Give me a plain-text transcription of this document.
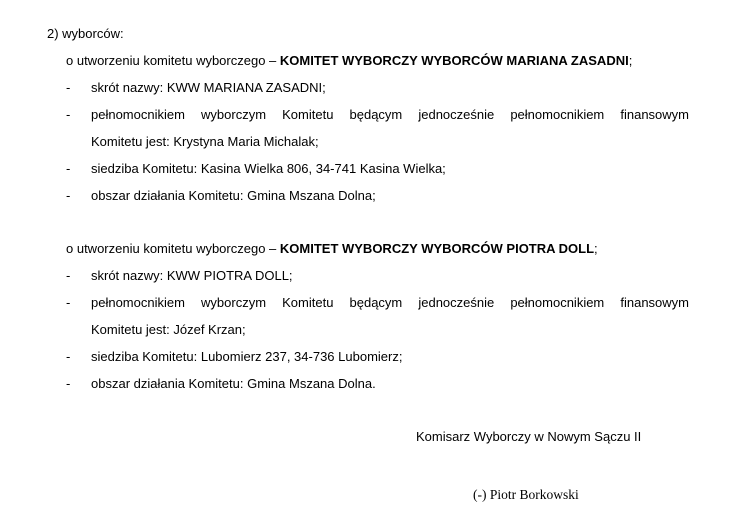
2) wyborców:
o utworzeniu komitetu wyborczego – KOMITET WYBORCZY WYBORCÓW MARIANA ZASADNI;
- skrót nazwy: KWW MARIANA ZASADNI;
- pełnomocnikiem wyborczym Komitetu będącym jednocześnie pełnomocnikiem finansowym
Komitetu jest: Krystyna Maria Michalak;
- siedziba Komitetu: Kasina Wielka 806, 34-741 Kasina Wielka;
- obszar działania Komitetu: Gmina Mszana Dolna;
o utworzeniu komitetu wyborczego – KOMITET WYBORCZY WYBORCÓW PIOTRA DOLL;
- skrót nazwy: KWW PIOTRA DOLL;
- pełnomocnikiem wyborczym Komitetu będącym jednocześnie pełnomocnikiem finansowym
Komitetu jest: Józef Krzan;
- siedziba Komitetu: Lubomierz 237, 34-736 Lubomierz;
- obszar działania Komitetu: Gmina Mszana Dolna.
Komisarz Wyborczy w Nowym Sączu II
(-) Piotr Borkowski
